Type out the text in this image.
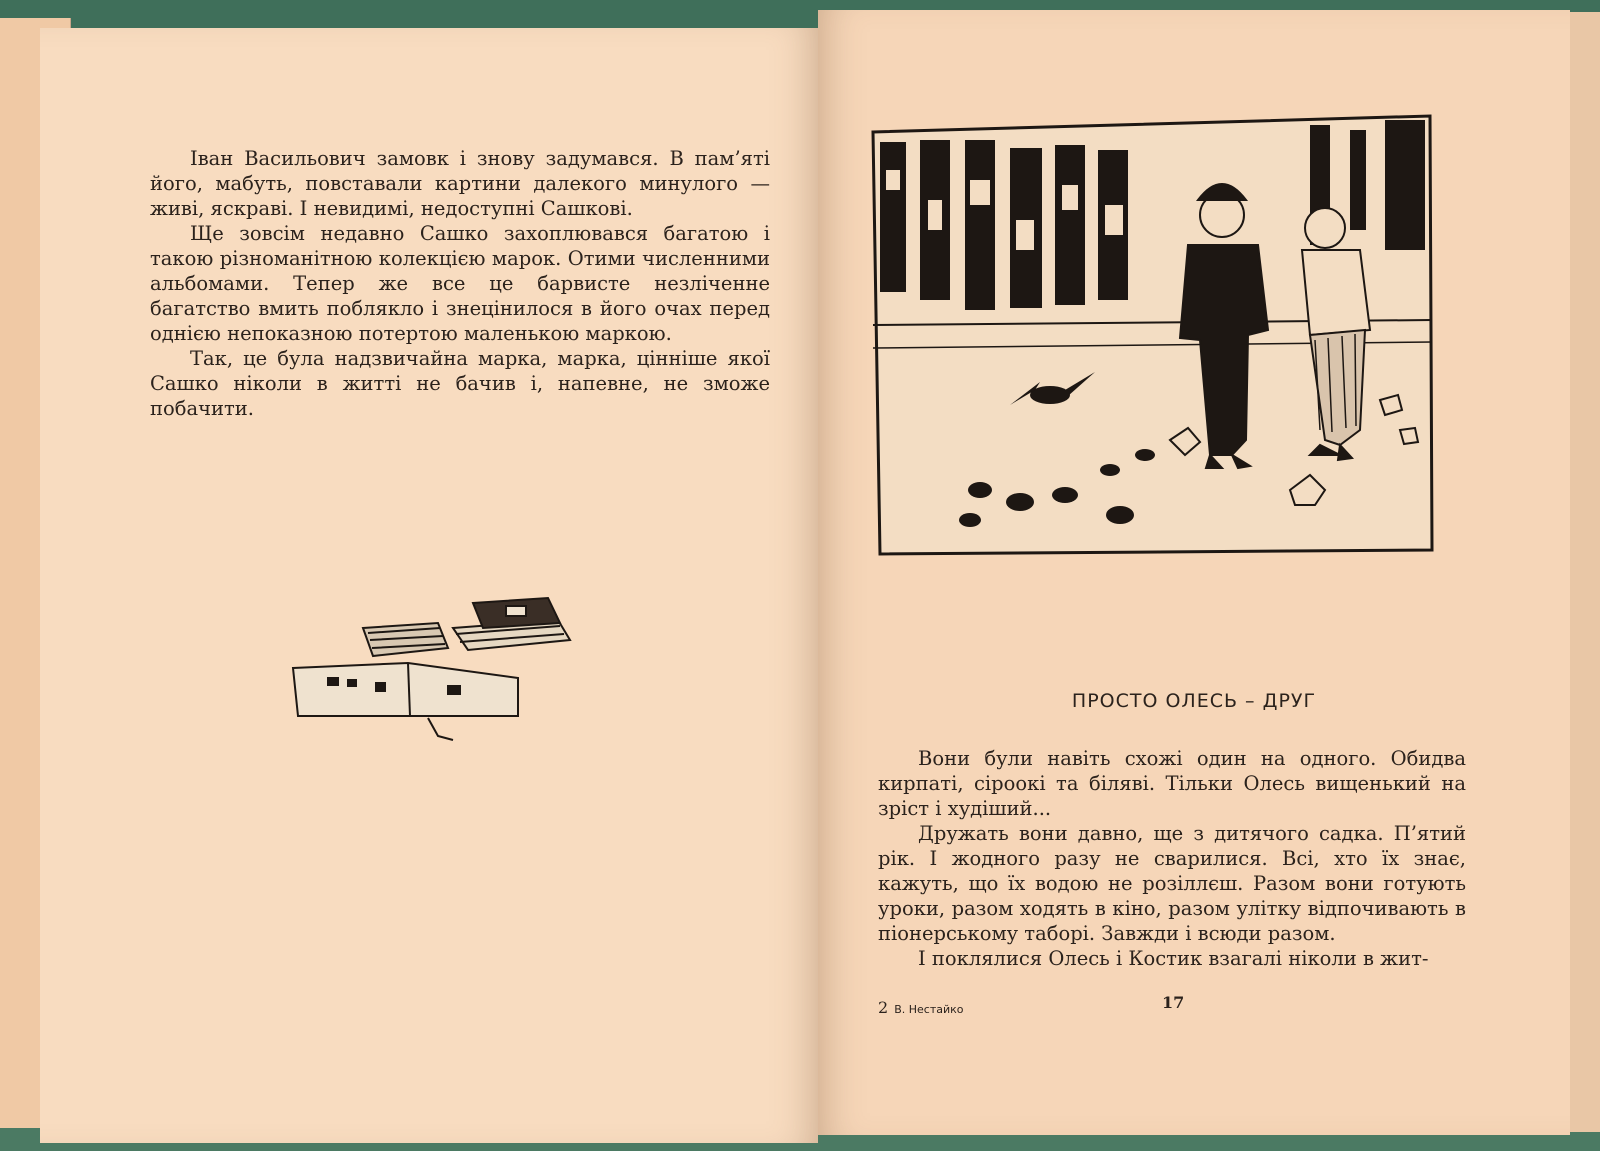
Іван Васильович замовк і знову задумався. В пам’яті його, мабуть, повставали картини далекого минулого — живі, яскраві. І невидимі, недоступні Сашкові.

Ще зовсім недавно Сашко захоплювався багатою і такою різноманітною колекцією марок. Отими численними альбомами. Тепер же все це барвисте незліченне багатство вмить поблякло і знецінилося в його очах перед однією непоказною потертою маленькою маркою.

Так, це була надзвичайна марка, марка, цінніше якої Сашко ніколи в житті не бачив і, напевне, не зможе побачити.

ПРОСТО ОЛЕСЬ – ДРУГ

Вони були навіть схожі один на одного. Обидва кирпаті, сіроокі та біляві. Тільки Олесь вищенький на зріст і худіший...

Дружать вони давно, ще з дитячого садка. П’ятий рік. І жодного разу не сварилися. Всі, хто їх знає, кажуть, що їх водою не розіллєш. Разом вони готують уроки, разом ходять в кіно, разом улітку відпочивають в піонерському таборі. Завжди і всюди разом.

І поклялися Олесь і Костик взагалі ніколи в жит-

2 В. Нестайко	17
